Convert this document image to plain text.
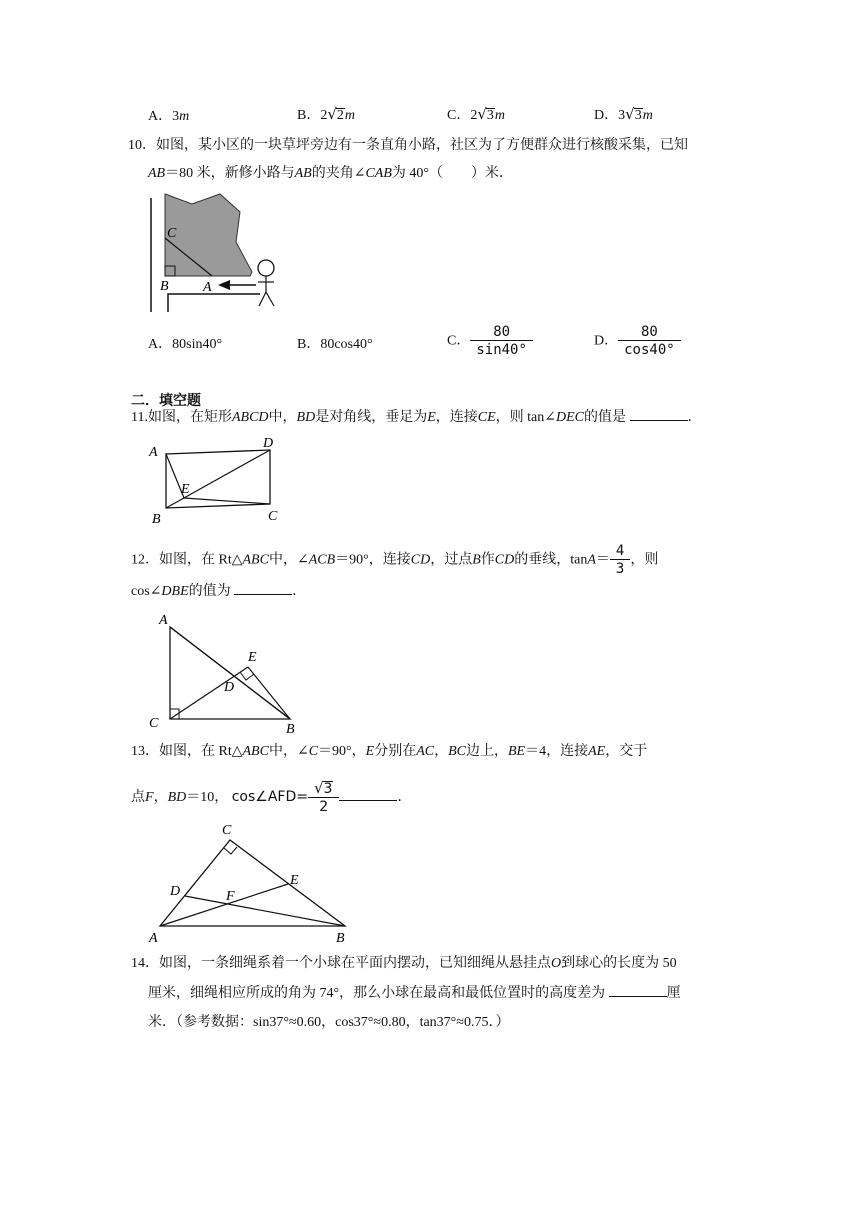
A．3m	B．2√2m	C．2√3m	D．3√3m
10．如图，某小区的一块草坪旁边有一条直角小路，社区为了方便群众进行核酸采集，已知
AB＝80 米，新修小路与AB的夹角∠CAB为 40°（　　）米．
C
B A
A．80sin40°	B．80cos40°	C． $\frac{80}{\sin 40^\circ}$	D． $\frac{80}{\cos 40^\circ}$
二．填空题
11.如图，在矩形ABCD中，BD是对角线，垂足为E，连接CE，则 tan∠DEC的值是	．
A
D
E
B	C
12．如图，在 Rt△ABC中，∠ACB＝90°，连接CD，过点B作CD的垂线，$\tan A= \frac{4}{3}$ ，则
cos∠DBE的值为	．
A
E
D
C	B
13．如图，在 Rt△ABC中，∠C＝90°，E分别在AC，BC边上，BE＝4，连接AE，交于
点F，BD＝10， cos∠AFD= $\frac{√3}{2}$	．
C
D
E
F
A	B
14．如图，一条细绳系着一个小球在平面内摆动，已知细绳从悬挂点O到球心的长度为 50
厘米，细绳相应所成的角为 74°，那么小球在最高和最低位置时的高度差为	厘
米．（参考数据：sin37°≈0.60，cos37°≈0.80，tan37°≈0.75．）
